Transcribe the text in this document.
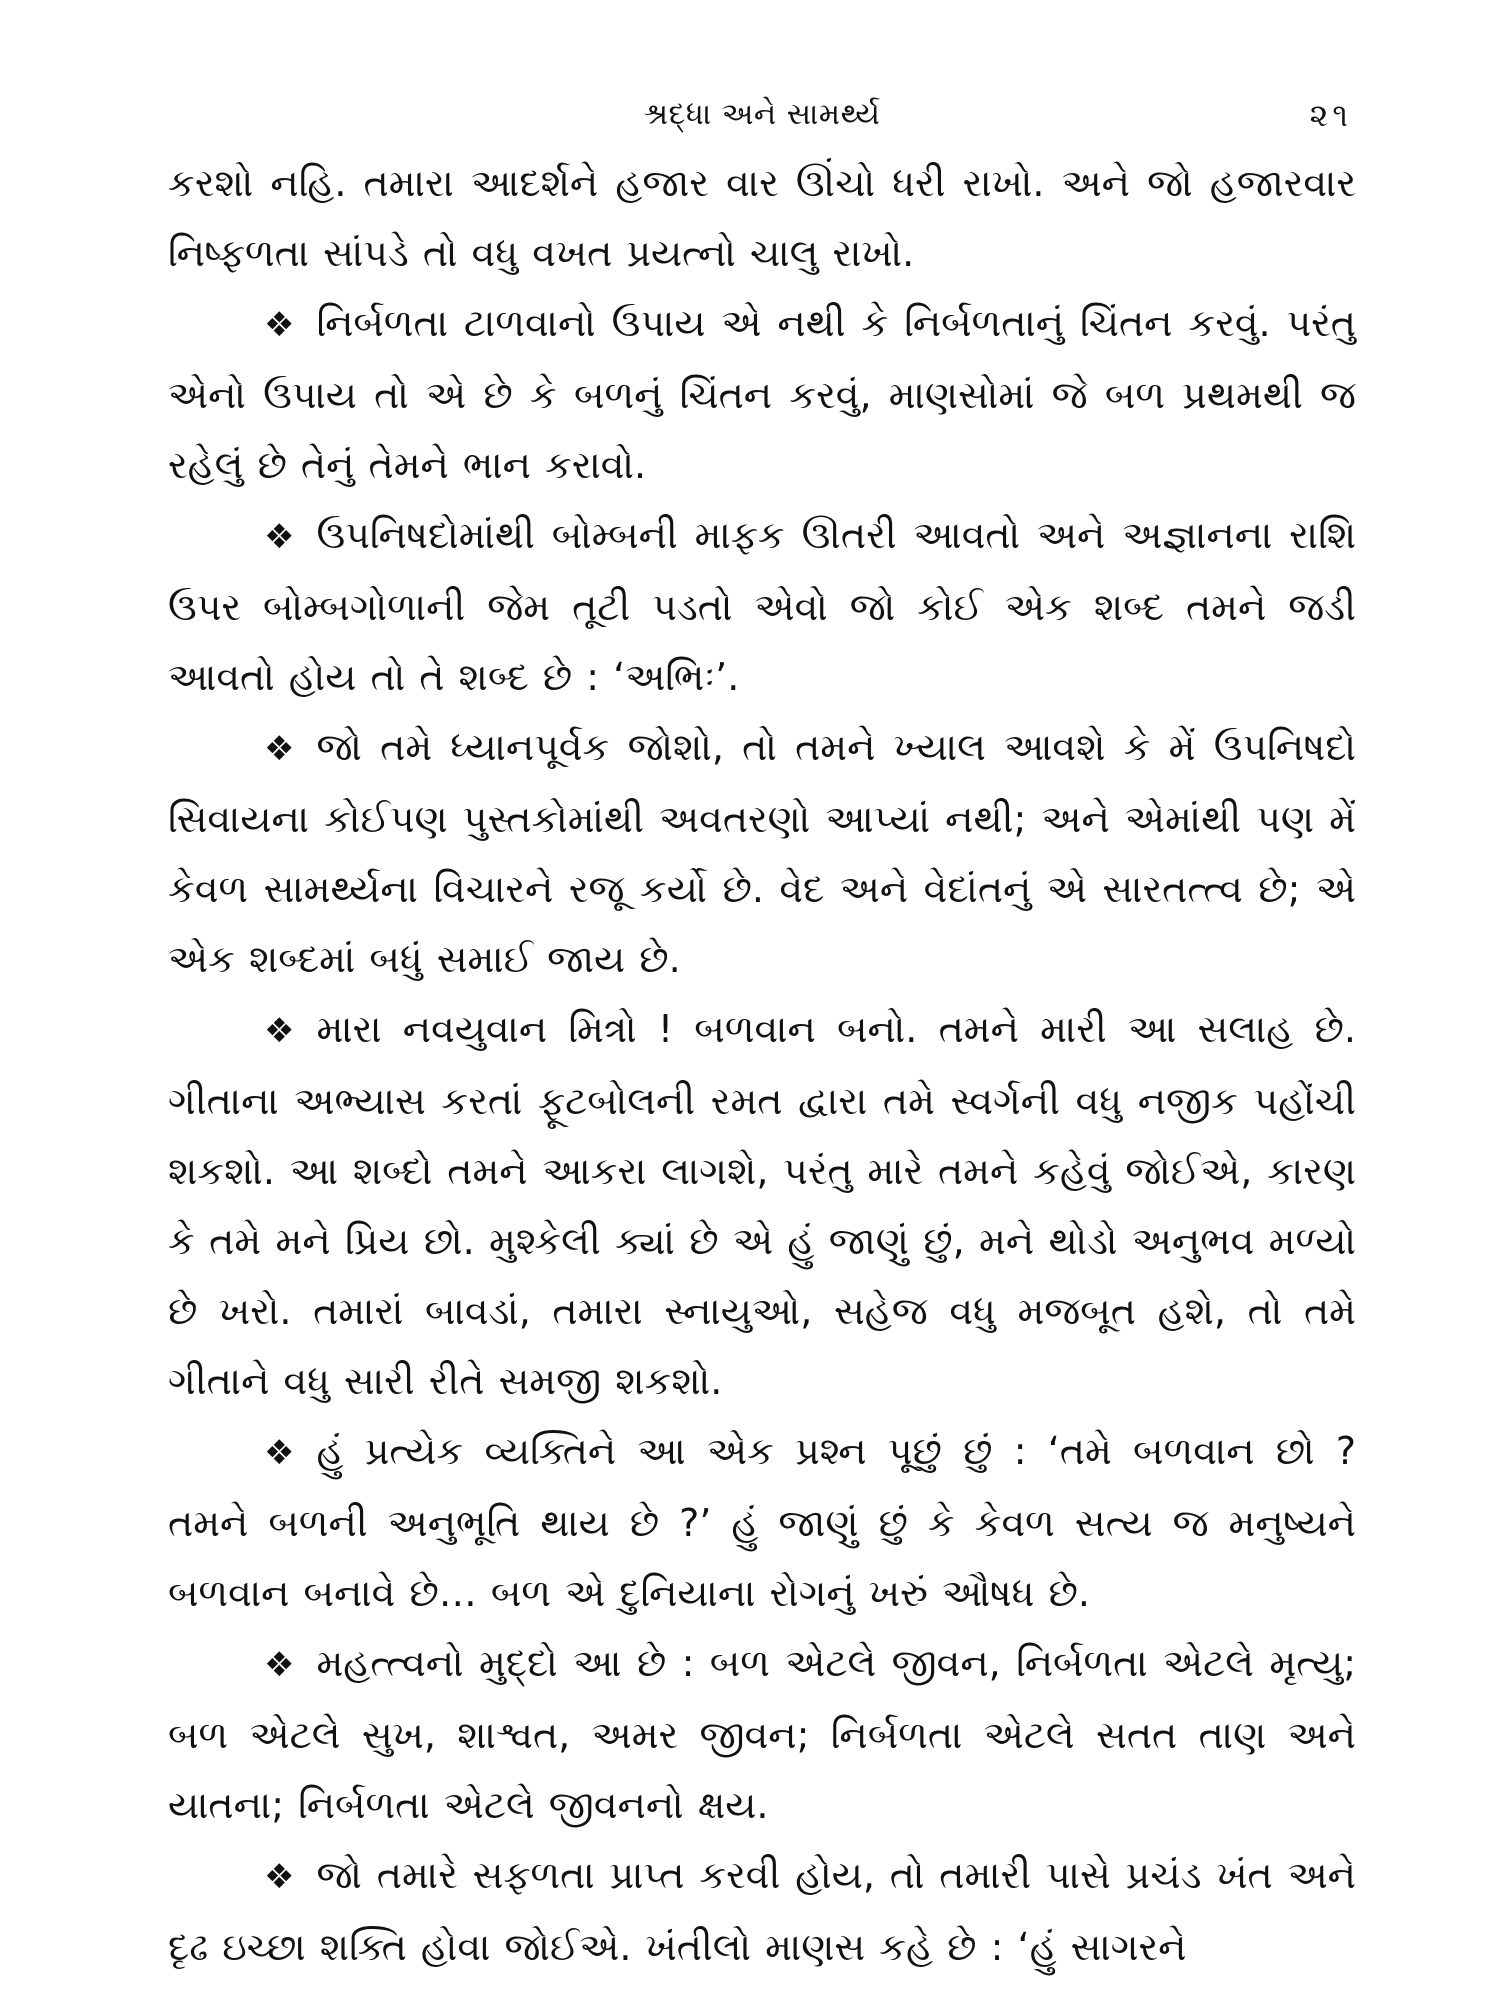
શ્રદ્ધા અને સામર્થ્ય	૨૧

કરશો નહિ. તમારા આદર્શને હજાર વાર ઊંચો ધરી રાખો. અને જો હજારવાર નિષ્ફળતા સાંપડે તો વધુ વખત પ્રયત્નો ચાલુ રાખો.

❖ નિર્બળતા ટાળવાનો ઉપાય એ નથી કે નિર્બળતાનું ચિંતન કરવું. પરંતુ એનો ઉપાય તો એ છે કે બળનું ચિંતન કરવું, માણસોમાં જે બળ પ્રથમથી જ રહેલું છે તેનું તેમને ભાન કરાવો.

❖ ઉપનિષદોમાંથી બોમ્બની માફક ઊતરી આવતો અને અજ્ઞાનના રાશિ ઉપર બોમ્બગોળાની જેમ તૂટી પડતો એવો જો કોઈ એક શબ્દ તમને જડી આવતો હોય તો તે શબ્દ છે : ‘અભિઃ’.

❖ જો તમે ધ્યાનપૂર્વક જોશો, તો તમને ખ્યાલ આવશે કે મેં ઉપનિષદો સિવાયના કોઈપણ પુસ્તકોમાંથી અવતરણો આપ્યાં નથી; અને એમાંથી પણ મેં કેવળ સામર્થ્યના વિચારને રજૂ કર્યો છે. વેદ અને વેદાંતનું એ સારતત્ત્વ છે; એ એક શબ્દમાં બધું સમાઈ જાય છે.

❖ મારા નવયુવાન મિત્રો ! બળવાન બનો. તમને મારી આ સલાહ છે. ગીતાના અભ્યાસ કરતાં ફૂટબોલની રમત દ્વારા તમે સ્વર્ગની વધુ નજીક પહોંચી શકશો. આ શબ્દો તમને આકરા લાગશે, પરંતુ મારે તમને કહેવું જોઈએ, કારણ કે તમે મને પ્રિય છો. મુશ્કેલી ક્યાં છે એ હું જાણું છું, મને થોડો અનુભવ મળ્યો છે ખરો. તમારાં બાવડાં, તમારા સ્નાયુઓ, સહેજ વધુ મજબૂત હશે, તો તમે ગીતાને વધુ સારી રીતે સમજી શકશો.

❖ હું પ્રત્યેક વ્યક્તિને આ એક પ્રશ્ન પૂછું છું : ‘તમે બળવાન છો ? તમને બળની અનુભૂતિ થાય છે ?’ હું જાણું છું કે કેવળ સત્ય જ મનુષ્યને બળવાન બનાવે છે… બળ એ દુનિયાના રોગનું ખરું ઔષધ છે.

❖ મહત્ત્વનો મુદ્દો આ છે : બળ એટલે જીવન, નિર્બળતા એટલે મૃત્યુ; બળ એટલે સુખ, શાશ્વત, અમર જીવન; નિર્બળતા એટલે સતત તાણ અને યાતના; નિર્બળતા એટલે જીવનનો ક્ષય.

❖ જો તમારે સફળતા પ્રાપ્ત કરવી હોય, તો તમારી પાસે પ્રચંડ ખંત અને દૃઢ ઇચ્છા શક્તિ હોવા જોઈએ. ખંતીલો માણસ કહે છે : ‘હું સાગરને
